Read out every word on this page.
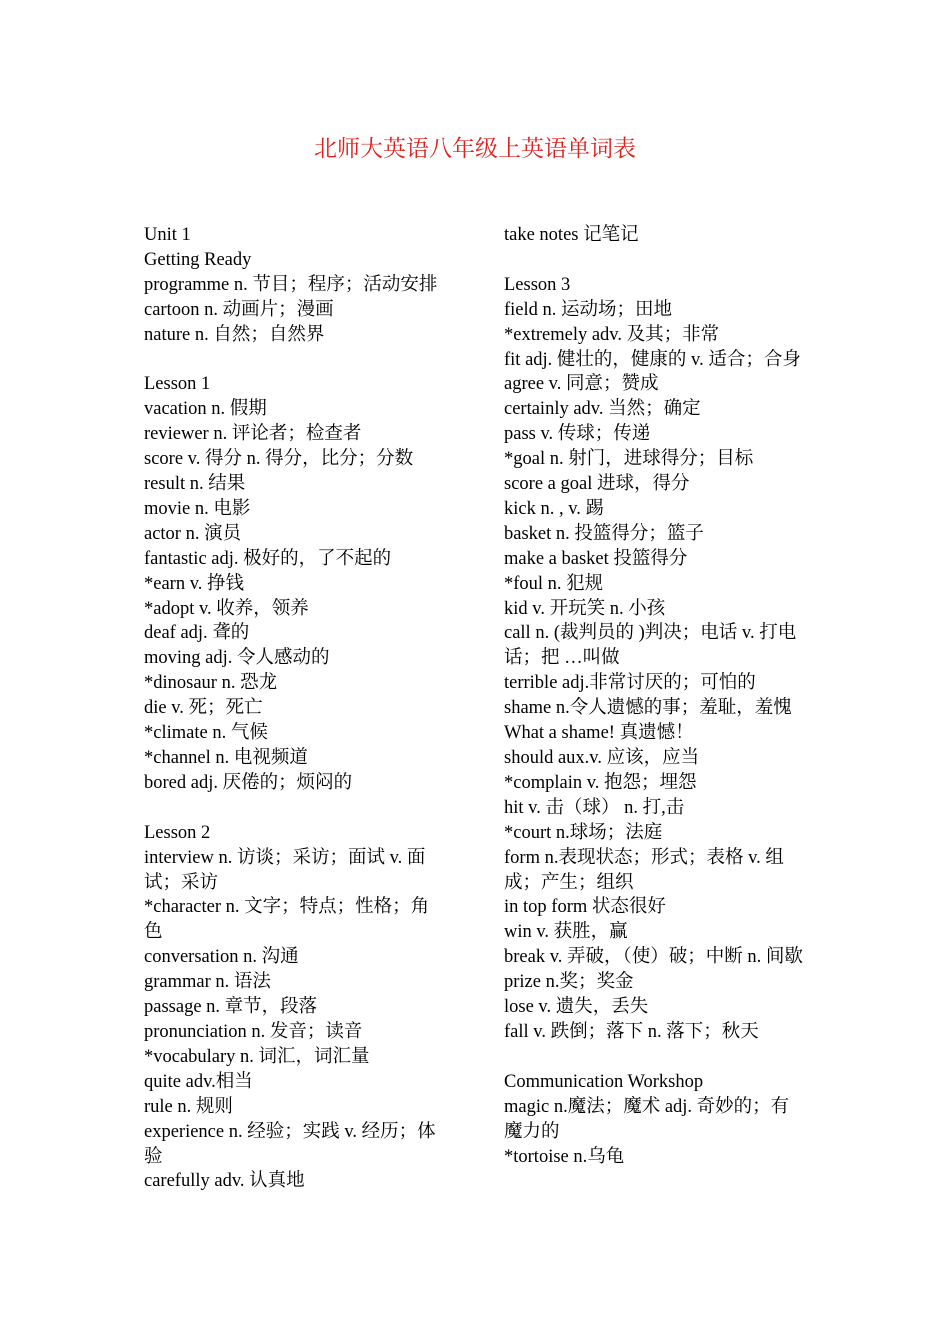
北师大英语八年级上英语单词表
Unit 1
Getting Ready
programme n. 节目；程序；活动安排
cartoon n. 动画片；漫画
nature n. 自然；自然界
Lesson 1
vacation n. 假期
reviewer n. 评论者；检查者
score v. 得分 n. 得分，比分；分数
result n. 结果
movie n. 电影
actor n. 演员
fantastic adj. 极好的，了不起的
*earn v. 挣钱
*adopt v. 收养，领养
deaf adj. 聋的
moving adj. 令人感动的
*dinosaur n. 恐龙
die v. 死；死亡
*climate n. 气候
*channel n. 电视频道
bored adj. 厌倦的；烦闷的
Lesson 2
interview n. 访谈；采访；面试 v. 面试；采访
*character n. 文字；特点；性格；角色
conversation n. 沟通
grammar n. 语法
passage n. 章节，段落
pronunciation n. 发音；读音
*vocabulary n. 词汇，词汇量
quite adv.相当
rule n. 规则
experience n. 经验；实践 v. 经历；体验
carefully adv. 认真地
take notes 记笔记
Lesson 3
field n. 运动场；田地
*extremely adv. 及其；非常
fit adj. 健壮的，健康的 v. 适合；合身
agree v. 同意；赞成
certainly adv. 当然；确定
pass v. 传球；传递
*goal n. 射门，进球得分；目标
score a goal 进球，得分
kick n. , v. 踢
basket n. 投篮得分；篮子
make a basket 投篮得分
*foul n. 犯规
kid v. 开玩笑 n. 小孩
call n. (裁判员的 )判决；电话 v. 打电话；把 …叫做
terrible adj.非常讨厌的；可怕的
shame n.令人遗憾的事；羞耻，羞愧
What a shame! 真遗憾！
should aux.v. 应该，应当
*complain v. 抱怨；埋怨
hit v. 击（球） n. 打,击
*court n.球场；法庭
form n.表现状态；形式；表格 v. 组成；产生；组织
in top form 状态很好
win v. 获胜，赢
break v. 弄破，（使）破；中断 n. 间歇
prize n.奖；奖金
lose v. 遗失，丢失
fall v. 跌倒；落下 n. 落下；秋天
Communication Workshop
magic n.魔法；魔术 adj. 奇妙的；有魔力的
*tortoise n.乌龟
